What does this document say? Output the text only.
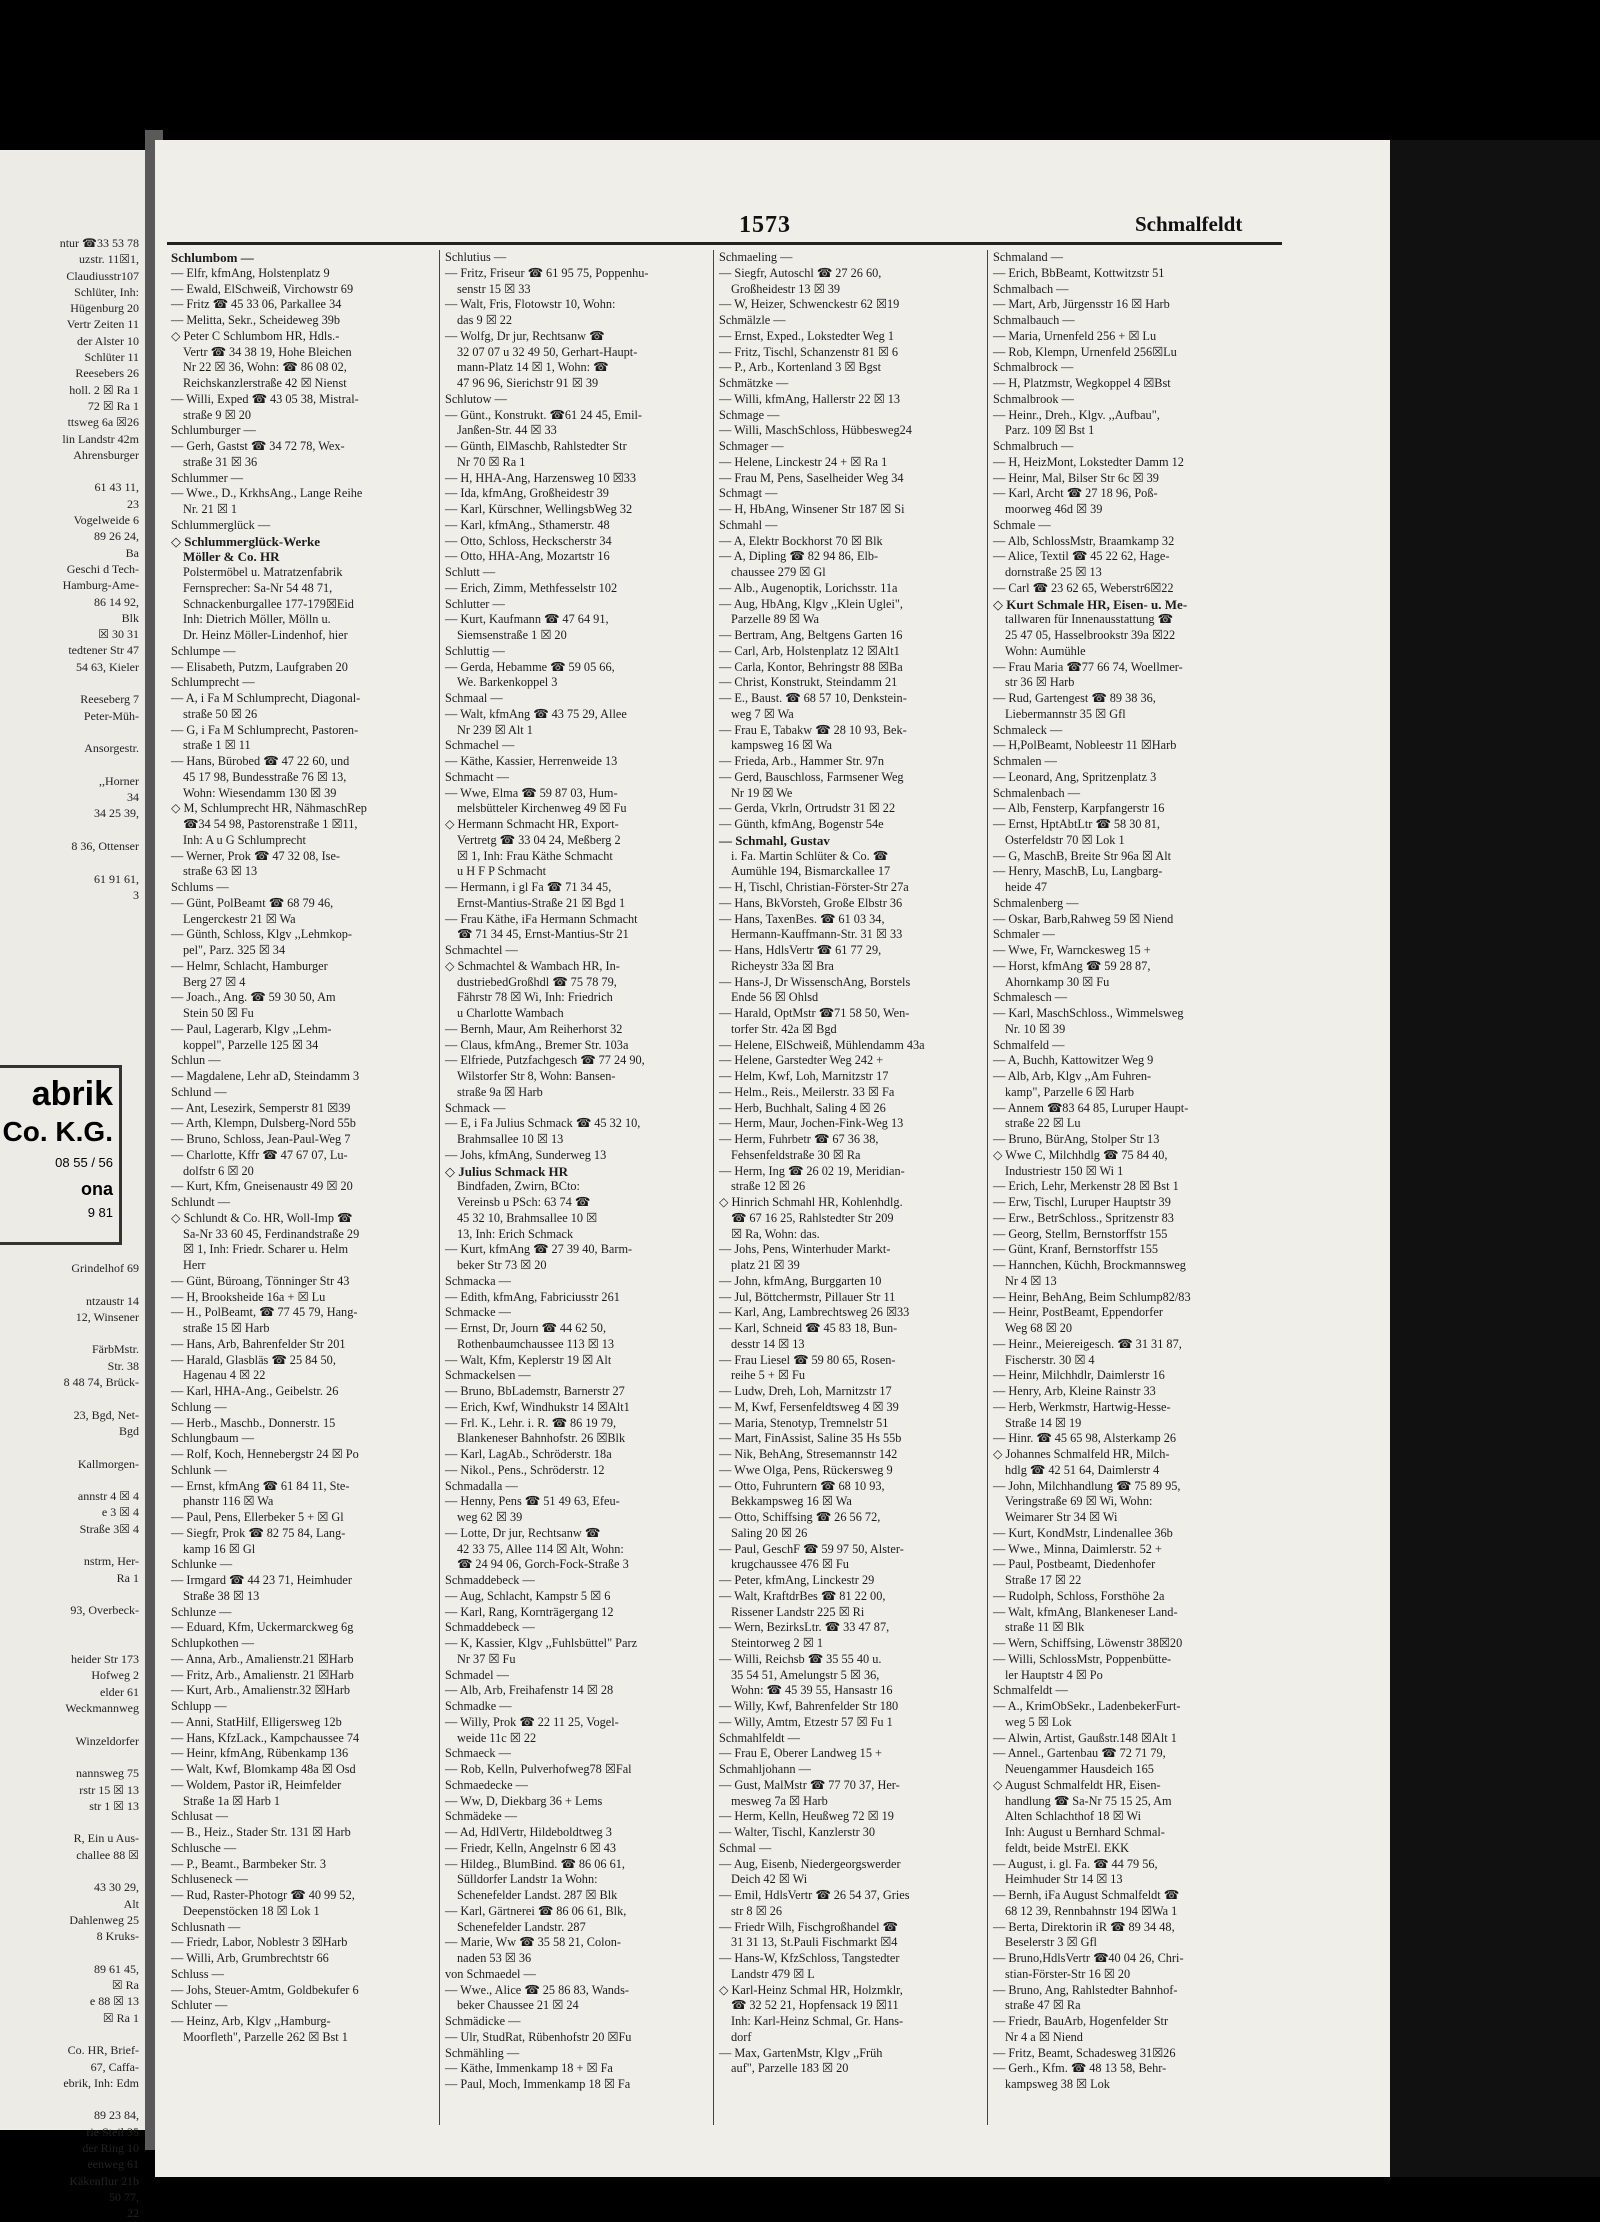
ntur ☎33 53 78
uzstr. 11☒1,
Claudiusstr107
Schlüter, Inh:
Hügenburg 20
Vertr Zeiten 11
der Alster 10
Schlüter 11
Reesebers 26
holl. 2 ☒ Ra 1
72 ☒ Ra 1
ttsweg 6a ☒26
lin Landstr 42m
Ahrensburger

61 43 11,
23
Vogelweide 6
89 26 24,
Ba
Geschi d Tech-
Hamburg-Ame-
86 14 92,
Blk
☒ 30 31
tedtener Str 47
54 63, Kieler

Reeseberg 7
Peter-Müh-

Ansorgestr.

,,Horner
34
34 25 39,

8 36, Ottenser

61 91 61,
3
abrik
Co. K.G.
08 55 / 56
ona
9 81
Grindelhof 69

ntzaustr 14
12, Winsener

FärbMstr.
Str. 38
8 48 74, Brück-

23, Bgd, Net-
Bgd

Kallmorgen-

annstr 4 ☒ 4
e 3 ☒ 4
Straße 3☒ 4

nstrm, Her-
Ra 1

93, Overbeck-

heider Str 173
Hofweg 2
elder 61
Weckmannweg

Winzeldorfer

nannsweg 75
rstr 15 ☒ 13
str 1 ☒ 13

R, Ein u Aus-
challee 88 ☒

43 30 29,
Alt
Dahlenweg 25
8 Kruks-

89 61 45,
☒ Ra
e 88 ☒ 13
☒ Ra 1

Co. HR, Brief-
67, Caffa-
ebrik, Inh: Edm

89 23 84,
rie Steil 35
der Ring 10
eenweg 61
Käkenflur 21b
50 77,
22
1573	Schmalfeldt
Schlumbom —
— Elfr, kfmAng, Holstenplatz 9
— Ewald, ElSchweiß, Virchowstr 69
— Fritz ☎ 45 33 06, Parkallee 34
— Melitta, Sekr., Scheideweg 39b
◇ Peter C Schlumbom HR, Hdls.-
Vertr ☎ 34 38 19, Hohe Bleichen
Nr 22 ☒ 36, Wohn: ☎ 86 08 02,
Reichskanzlerstraße 42 ☒ Nienst
— Willi, Exped ☎ 43 05 38, Mistral-
straße 9 ☒ 20
Schlumburger —
— Gerh, Gastst ☎ 34 72 78, Wex-
straße 31 ☒ 36
Schlummer —
— Wwe., D., KrkhsAng., Lange Reihe
Nr. 21 ☒ 1
Schlummerglück —
◇ Schlummerglück-Werke
Möller & Co. HR
Polstermöbel u. Matratzenfabrik
Fernsprecher: Sa-Nr 54 48 71,
Schnackenburgallee 177-179☒Eid
Inh: Dietrich Möller, Mölln u.
Dr. Heinz Möller-Lindenhof, hier
Schlumpe —
— Elisabeth, Putzm, Laufgraben 20
Schlumprecht —
— A, i Fa M Schlumprecht, Diagonal-
straße 50 ☒ 26
— G, i Fa M Schlumprecht, Pastoren-
straße 1 ☒ 11
— Hans, Bürobed ☎ 47 22 60, und
45 17 98, Bundesstraße 76 ☒ 13,
Wohn: Wiesendamm 130 ☒ 39
◇ M, Schlumprecht HR, NähmaschRep
☎34 54 98, Pastorenstraße 1 ☒11,
Inh: A u G Schlumprecht
— Werner, Prok ☎ 47 32 08, Ise-
straße 63 ☒ 13
Schlums —
— Günt, PolBeamt ☎ 68 79 46,
Lengerckestr 21 ☒ Wa
— Günth, Schloss, Klgv ,,Lehmkop-
pel", Parz. 325 ☒ 34
— Helmr, Schlacht, Hamburger
Berg 27 ☒ 4
— Joach., Ang. ☎ 59 30 50, Am
Stein 50 ☒ Fu
— Paul, Lagerarb, Klgv ,,Lehm-
koppel", Parzelle 125 ☒ 34
Schlun —
— Magdalene, Lehr aD, Steindamm 3
Schlund —
— Ant, Lesezirk, Semperstr 81 ☒39
— Arth, Klempn, Dulsberg-Nord 55b
— Bruno, Schloss, Jean-Paul-Weg 7
— Charlotte, Kffr ☎ 47 67 07, Lu-
dolfstr 6 ☒ 20
— Kurt, Kfm, Gneisenaustr 49 ☒ 20
Schlundt —
◇ Schlundt & Co. HR, Woll-Imp ☎
Sa-Nr 33 60 45, Ferdinandstraße 29
☒ 1, Inh: Friedr. Scharer u. Helm
Herr
— Günt, Büroang, Tönninger Str 43
— H, Brooksheide 16a + ☒ Lu
— H., PolBeamt, ☎ 77 45 79, Hang-
straße 15 ☒ Harb
— Hans, Arb, Bahrenfelder Str 201
— Harald, Glasbläs ☎ 25 84 50,
Hagenau 4 ☒ 22
— Karl, HHA-Ang., Geibelstr. 26
Schlung —
— Herb., Maschb., Donnerstr. 15
Schlungbaum —
— Rolf, Koch, Hennebergstr 24 ☒ Po
Schlunk —
— Ernst, kfmAng ☎ 61 84 11, Ste-
phanstr 116 ☒ Wa
— Paul, Pens, Ellerbeker 5 + ☒ Gl
— Siegfr, Prok ☎ 82 75 84, Lang-
kamp 16 ☒ Gl
Schlunke —
— Irmgard ☎ 44 23 71, Heimhuder
Straße 38 ☒ 13
Schlunze —
— Eduard, Kfm, Uckermarckweg 6g
Schlupkothen —
— Anna, Arb., Amalienstr.21 ☒Harb
— Fritz, Arb., Amalienstr. 21 ☒Harb
— Kurt, Arb., Amalienstr.32 ☒Harb
Schlupp —
— Anni, StatHilf, Elligersweg 12b
— Hans, KfzLack., Kampchaussee 74
— Heinr, kfmAng, Rübenkamp 136
— Walt, Kwf, Blomkamp 48a ☒ Osd
— Woldem, Pastor iR, Heimfelder
Straße 1a ☒ Harb 1
Schlusat —
— B., Heiz., Stader Str. 131 ☒ Harb
Schlusche —
— P., Beamt., Barmbeker Str. 3
Schluseneck —
— Rud, Raster-Photogr ☎ 40 99 52,
Deepenstöcken 18 ☒ Lok 1
Schlusnath —
— Friedr, Labor, Noblestr 3 ☒Harb
— Willi, Arb, Grumbrechtstr 66
Schluss —
— Johs, Steuer-Amtm, Goldbekufer 6
Schluter —
— Heinz, Arb, Klgv ,,Hamburg-
Moorfleth", Parzelle 262 ☒ Bst 1
Schlutius —
— Fritz, Friseur ☎ 61 95 75, Poppenhu-
senstr 15 ☒ 33
— Walt, Fris, Flotowstr 10, Wohn:
das 9 ☒ 22
— Wolfg, Dr jur, Rechtsanw ☎
32 07 07 u 32 49 50, Gerhart-Haupt-
mann-Platz 14 ☒ 1, Wohn: ☎
47 96 96, Sierichstr 91 ☒ 39
Schlutow —
— Günt., Konstrukt. ☎61 24 45, Emil-
Janßen-Str. 44 ☒ 33
— Günth, ElMaschb, Rahlstedter Str
Nr 70 ☒ Ra 1
— H, HHA-Ang, Harzensweg 10 ☒33
— Ida, kfmAng, Großheidestr 39
— Karl, Kürschner, WellingsbWeg 32
— Karl, kfmAng., Sthamerstr. 48
— Otto, Schloss, Heckscherstr 34
— Otto, HHA-Ang, Mozartstr 16
Schlutt —
— Erich, Zimm, Methfesselstr 102
Schlutter —
— Kurt, Kaufmann ☎ 47 64 91,
Siemsenstraße 1 ☒ 20
Schluttig —
— Gerda, Hebamme ☎ 59 05 66,
We. Barkenkoppel 3
Schmaal —
— Walt, kfmAng ☎ 43 75 29, Allee
Nr 239 ☒ Alt 1
Schmachel —
— Käthe, Kassier, Herrenweide 13
Schmacht —
— Wwe, Elma ☎ 59 87 03, Hum-
melsbütteler Kirchenweg 49 ☒ Fu
◇ Hermann Schmacht HR, Export-
Vertretg ☎ 33 04 24, Meßberg 2
☒ 1, Inh: Frau Käthe Schmacht
u H F P Schmacht
— Hermann, i gl Fa ☎ 71 34 45,
Ernst-Mantius-Straße 21 ☒ Bgd 1
— Frau Käthe, iFa Hermann Schmacht
☎ 71 34 45, Ernst-Mantius-Str 21
Schmachtel —
◇ Schmachtel & Wambach HR, In-
dustriebedGroßhdl ☎ 75 78 79,
Fährstr 78 ☒ Wi, Inh: Friedrich
u Charlotte Wambach
— Bernh, Maur, Am Reiherhorst 32
— Claus, kfmAng., Bremer Str. 103a
— Elfriede, Putzfachgesch ☎ 77 24 90,
Wilstorfer Str 8, Wohn: Bansen-
straße 9a ☒ Harb
Schmack —
— E, i Fa Julius Schmack ☎ 45 32 10,
Brahmsallee 10 ☒ 13
— Johs, kfmAng, Sunderweg 13
◇ Julius Schmack HR
Bindfaden, Zwirn, BCto:
Vereinsb u PSch: 63 74 ☎
45 32 10, Brahmsallee 10 ☒
13, Inh: Erich Schmack
— Kurt, kfmAng ☎ 27 39 40, Barm-
beker Str 73 ☒ 20
Schmacka —
— Edith, kfmAng, Fabriciusstr 261
Schmacke —
— Ernst, Dr, Journ ☎ 44 62 50,
Rothenbaumchaussee 113 ☒ 13
— Walt, Kfm, Keplerstr 19 ☒ Alt
Schmackelsen —
— Bruno, BbLademstr, Barnerstr 27
— Erich, Kwf, Windhukstr 14 ☒Alt1
— Frl. K., Lehr. i. R. ☎ 86 19 79,
Blankeneser Bahnhofstr. 26 ☒Blk
— Karl, LagAb., Schröderstr. 18a
— Nikol., Pens., Schröderstr. 12
Schmadalla —
— Henny, Pens ☎ 51 49 63, Efeu-
weg 62 ☒ 39
— Lotte, Dr jur, Rechtsanw ☎
42 33 75, Allee 114 ☒ Alt, Wohn:
☎ 24 94 06, Gorch-Fock-Straße 3
Schmaddebeck —
— Aug, Schlacht, Kampstr 5 ☒ 6
— Karl, Rang, Kornträgergang 12
Schmaddebeck —
— K, Kassier, Klgv ,,Fuhlsbüttel" Parz
Nr 37 ☒ Fu
Schmadel —
— Alb, Arb, Freihafenstr 14 ☒ 28
Schmadke —
— Willy, Prok ☎ 22 11 25, Vogel-
weide 11c ☒ 22
Schmaeck —
— Rob, Kelln, Pulverhofweg78 ☒Fal
Schmaedecke —
— Ww, D, Diekbarg 36 + Lems
Schmädeke —
— Ad, HdlVertr, Hildeboldtweg 3
— Friedr, Kelln, Angelnstr 6 ☒ 43
— Hildeg., BlumBind. ☎ 86 06 61,
Sülldorfer Landstr 1a Wohn:
Schenefelder Landst. 287 ☒ Blk
— Karl, Gärtnerei ☎ 86 06 61, Blk,
Schenefelder Landstr. 287
— Marie, Ww ☎ 35 58 21, Colon-
naden 53 ☒ 36
von Schmaedel —
— Wwe., Alice ☎ 25 86 83, Wands-
beker Chaussee 21 ☒ 24
Schmädicke —
— Ulr, StudRat, Rübenhofstr 20 ☒Fu
Schmähling —
— Käthe, Immenkamp 18 + ☒ Fa
— Paul, Moch, Immenkamp 18 ☒ Fa
Schmaeling —
— Siegfr, Autoschl ☎ 27 26 60,
Großheidestr 13 ☒ 39
— W, Heizer, Schwenckestr 62 ☒19
Schmälzle —
— Ernst, Exped., Lokstedter Weg 1
— Fritz, Tischl, Schanzenstr 81 ☒ 6
— P., Arb., Kortenland 3 ☒ Bgst
Schmätzke —
— Willi, kfmAng, Hallerstr 22 ☒ 13
Schmage —
— Willi, MaschSchloss, Hübbesweg24
Schmager —
— Helene, Linckestr 24 + ☒ Ra 1
— Frau M, Pens, Saselheider Weg 34
Schmagt —
— H, HbAng, Winsener Str 187 ☒ Si
Schmahl —
— A, Elektr Bockhorst 70 ☒ Blk
— A, Dipling ☎ 82 94 86, Elb-
chaussee 279 ☒ Gl
— Alb., Augenoptik, Lorichsstr. 11a
— Aug, HbAng, Klgv ,,Klein Uglei",
Parzelle 89 ☒ Wa
— Bertram, Ang, Beltgens Garten 16
— Carl, Arb, Holstenplatz 12 ☒Alt1
— Carla, Kontor, Behringstr 88 ☒Ba
— Christ, Konstrukt, Steindamm 21
— E., Baust. ☎ 68 57 10, Denkstein-
weg 7 ☒ Wa
— Frau E, Tabakw ☎ 28 10 93, Bek-
kampsweg 16 ☒ Wa
— Frieda, Arb., Hammer Str. 97n
— Gerd, Bauschloss, Farmsener Weg
Nr 19 ☒ We
— Gerda, Vkrln, Ortrudstr 31 ☒ 22
— Günth, kfmAng, Bogenstr 54e
— Schmahl, Gustav
i. Fa. Martin Schlüter & Co. ☎
Aumühle 194, Bismarckallee 17
— H, Tischl, Christian-Förster-Str 27a
— Hans, BkVorsteh, Große Elbstr 36
— Hans, TaxenBes. ☎ 61 03 34,
Hermann-Kauffmann-Str. 31 ☒ 33
— Hans, HdlsVertr ☎ 61 77 29,
Richeystr 33a ☒ Bra
— Hans-J, Dr WissenschAng, Borstels
Ende 56 ☒ Ohlsd
— Harald, OptMstr ☎71 58 50, Wen-
torfer Str. 42a ☒ Bgd
— Helene, ElSchweiß, Mühlendamm 43a
— Helene, Garstedter Weg 242 +
— Helm, Kwf, Loh, Marnitzstr 17
— Helm., Reis., Meilerstr. 33 ☒ Fa
— Herb, Buchhalt, Saling 4 ☒ 26
— Herm, Maur, Jochen-Fink-Weg 13
— Herm, Fuhrbetr ☎ 67 36 38,
Fehsenfeldstraße 30 ☒ Ra
— Herm, Ing ☎ 26 02 19, Meridian-
straße 12 ☒ 26
◇ Hinrich Schmahl HR, Kohlenhdlg.
☎ 67 16 25, Rahlstedter Str 209
☒ Ra, Wohn: das.
— Johs, Pens, Winterhuder Markt-
platz 21 ☒ 39
— John, kfmAng, Burggarten 10
— Jul, Böttchermstr, Pillauer Str 11
— Karl, Ang, Lambrechtsweg 26 ☒33
— Karl, Schneid ☎ 45 83 18, Bun-
desstr 14 ☒ 13
— Frau Liesel ☎ 59 80 65, Rosen-
reihe 5 + ☒ Fu
— Ludw, Dreh, Loh, Marnitzstr 17
— M, Kwf, Fersenfeldtsweg 4 ☒ 39
— Maria, Stenotyp, Tremnelstr 51
— Mart, FinAssist, Saline 35 Hs 55b
— Nik, BehAng, Stresemannstr 142
— Wwe Olga, Pens, Rückersweg 9
— Otto, Fuhruntern ☎ 68 10 93,
Bekkampsweg 16 ☒ Wa
— Otto, Schiffsing ☎ 26 56 72,
Saling 20 ☒ 26
— Paul, GeschF ☎ 59 97 50, Alster-
krugchaussee 476 ☒ Fu
— Peter, kfmAng, Linckestr 29
— Walt, KraftdrBes ☎ 81 22 00,
Rissener Landstr 225 ☒ Ri
— Wern, BezirksLtr. ☎ 33 47 87,
Steintorweg 2 ☒ 1
— Willi, Reichsb ☎ 35 55 40 u.
35 54 51, Amelungstr 5 ☒ 36,
Wohn: ☎ 45 39 55, Hansastr 16
— Willy, Kwf, Bahrenfelder Str 180
— Willy, Amtm, Etzestr 57 ☒ Fu 1
Schmahlfeldt —
— Frau E, Oberer Landweg 15 +
Schmahljohann —
— Gust, MalMstr ☎ 77 70 37, Her-
mesweg 7a ☒ Harb
— Herm, Kelln, Heußweg 72 ☒ 19
— Walter, Tischl, Kanzlerstr 30
Schmal —
— Aug, Eisenb, Niedergeorgswerder
Deich 42 ☒ Wi
— Emil, HdlsVertr ☎ 26 54 37, Gries
str 8 ☒ 26
— Friedr Wilh, Fischgroßhandel ☎
31 31 13, St.Pauli Fischmarkt ☒4
— Hans-W, KfzSchloss, Tangstedter
Landstr 479 ☒ L
◇ Karl-Heinz Schmal HR, Holzmklr,
☎ 32 52 21, Hopfensack 19 ☒11
Inh: Karl-Heinz Schmal, Gr. Hans-
dorf
— Max, GartenMstr, Klgv ,,Früh
auf", Parzelle 183 ☒ 20
Schmaland —
— Erich, BbBeamt, Kottwitzstr 51
Schmalbach —
— Mart, Arb, Jürgensstr 16 ☒ Harb
Schmalbauch —
— Maria, Urnenfeld 256 + ☒ Lu
— Rob, Klempn, Urnenfeld 256☒Lu
Schmalbrock —
— H, Platzmstr, Wegkoppel 4 ☒Bst
Schmalbrook —
— Heinr., Dreh., Klgv. ,,Aufbau",
Parz. 109 ☒ Bst 1
Schmalbruch —
— H, HeizMont, Lokstedter Damm 12
— Heinr, Mal, Bilser Str 6c ☒ 39
— Karl, Archt ☎ 27 18 96, Poß-
moorweg 46d ☒ 39
Schmale —
— Alb, SchlossMstr, Braamkamp 32
— Alice, Textil ☎ 45 22 62, Hage-
dornstraße 25 ☒ 13
— Carl ☎ 23 62 65, Weberstr6☒22
◇ Kurt Schmale HR, Eisen- u. Me-
tallwaren für Innenausstattung ☎
25 47 05, Hasselbrookstr 39a ☒22
Wohn: Aumühle
— Frau Maria ☎77 66 74, Woellmer-
str 36 ☒ Harb
— Rud, Gartengest ☎ 89 38 36,
Liebermannstr 35 ☒ Gfl
Schmaleck —
— H,PolBeamt, Nobleestr 11 ☒Harb
Schmalen —
— Leonard, Ang, Spritzenplatz 3
Schmalenbach —
— Alb, Fensterp, Karpfangerstr 16
— Ernst, HptAbtLtr ☎ 58 30 81,
Osterfeldstr 70 ☒ Lok 1
— G, MaschB, Breite Str 96a ☒ Alt
— Henry, MaschB, Lu, Langbarg-
heide 47
Schmalenberg —
— Oskar, Barb,Rahweg 59 ☒ Niend
Schmaler —
— Wwe, Fr, Warnckesweg 15 +
— Horst, kfmAng ☎ 59 28 87,
Ahornkamp 30 ☒ Fu
Schmalesch —
— Karl, MaschSchloss., Wimmelsweg
Nr. 10 ☒ 39
Schmalfeld —
— A, Buchh, Kattowitzer Weg 9
— Alb, Arb, Klgv ,,Am Fuhren-
kamp", Parzelle 6 ☒ Harb
— Annem ☎83 64 85, Luruper Haupt-
straße 22 ☒ Lu
— Bruno, BürAng, Stolper Str 13
◇ Wwe C, Milchhdlg ☎ 75 84 40,
Industriestr 150 ☒ Wi 1
— Erich, Lehr, Merkenstr 28 ☒ Bst 1
— Erw, Tischl, Luruper Hauptstr 39
— Erw., BetrSchloss., Spritzenstr 83
— Georg, Stellm, Bernstorffstr 155
— Günt, Kranf, Bernstorffstr 155
— Hannchen, Küchh, Brockmannsweg
Nr 4 ☒ 13
— Heinr, BehAng, Beim Schlump82/83
— Heinr, PostBeamt, Eppendorfer
Weg 68 ☒ 20
— Heinr., Meiereigesch. ☎ 31 31 87,
Fischerstr. 30 ☒ 4
— Heinr, Milchhdlr, Daimlerstr 16
— Henry, Arb, Kleine Rainstr 33
— Herb, Werkmstr, Hartwig-Hesse-
Straße 14 ☒ 19
— Hinr. ☎ 45 65 98, Alsterkamp 26
◇ Johannes Schmalfeld HR, Milch-
hdlg ☎ 42 51 64, Daimlerstr 4
— John, Milchhandlung ☎ 75 89 95,
Veringstraße 69 ☒ Wi, Wohn:
Weimarer Str 34 ☒ Wi
— Kurt, KondMstr, Lindenallee 36b
— Wwe., Minna, Daimlerstr. 52 +
— Paul, Postbeamt, Diedenhofer
Straße 17 ☒ 22
— Rudolph, Schloss, Forsthöhe 2a
— Walt, kfmAng, Blankeneser Land-
straße 11 ☒ Blk
— Wern, Schiffsing, Löwenstr 38☒20
— Willi, SchlossMstr, Poppenbütte-
ler Hauptstr 4 ☒ Po
Schmalfeldt —
— A., KrimObSekr., LadenbekerFurt-
weg 5 ☒ Lok
— Alwin, Artist, Gaußstr.148 ☒Alt 1
— Annel., Gartenbau ☎ 72 71 79,
Neuengammer Hausdeich 165
◇ August Schmalfeldt HR, Eisen-
handlung ☎ Sa-Nr 75 15 25, Am
Alten Schlachthof 18 ☒ Wi
Inh: August u Bernhard Schmal-
feldt, beide MstrEl. EKK
— August, i. gl. Fa. ☎ 44 79 56,
Heimhuder Str 14 ☒ 13
— Bernh, iFa August Schmalfeldt ☎
68 12 39, Rennbahnstr 194 ☒Wa 1
— Berta, Direktorin iR ☎ 89 34 48,
Beselerstr 3 ☒ Gfl
— Bruno,HdlsVertr ☎40 04 26, Chri-
stian-Förster-Str 16 ☒ 20
— Bruno, Ang, Rahlstedter Bahnhof-
straße 47 ☒ Ra
— Friedr, BauArb, Hogenfelder Str
Nr 4 a ☒ Niend
— Fritz, Beamt, Schadesweg 31☒26
— Gerh., Kfm. ☎ 48 13 58, Behr-
kampsweg 38 ☒ Lok
